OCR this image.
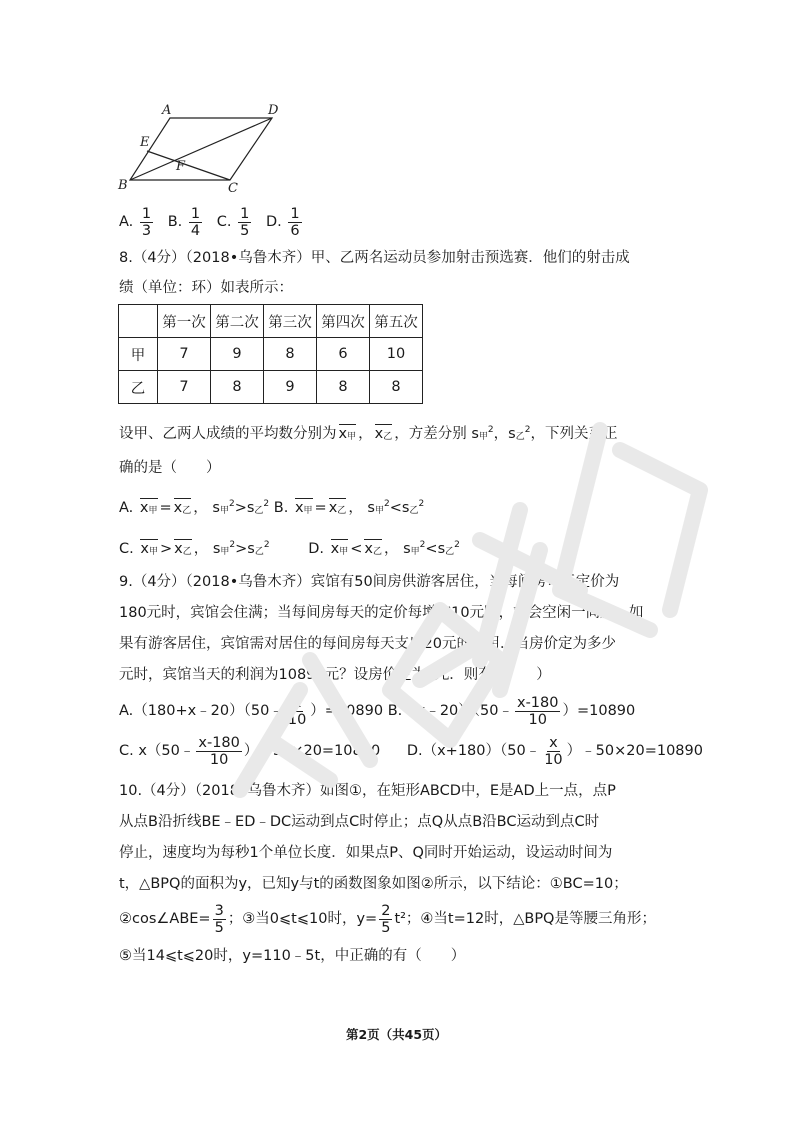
A	D
E
F
B	C
A. $\frac{1}{3} B$. $\frac{1}{4} C$. $\frac{1}{5} D$. $\frac{1}{6}$
8.（4分）（2018•乌鲁木齐）甲、乙两名运动员参加射击预选赛．他们的射击成
绩（单位：环）如表所示：
	第一次	第二次	第三次	第四次	第五次
甲	7	9	8	6	10
乙	7	8	9	8	8
设甲、乙两人成绩的平均数分别为 x甲 ， x乙 ，方差分别 s甲$^2$，s乙$^2$，下列关系正
确的是（　　）
A. x甲 = x乙 ， s甲$^2$>s乙$^2$ B. x甲 = x乙 ， s甲$^2$<s乙$^2$
C. x甲 > x乙 ， s甲$^2$>s乙$^2$	D. x甲 < x乙 ， s甲$^2$<s乙$^2$
9.（4分）（2018•乌鲁木齐）宾馆有50间房供游客居住，当每间房每天定价为
180元时，宾馆会住满；当每间房每天的定价每增加10元时，就会空闲一间房．如
果有游客居住，宾馆需对居住的每间房每天支出20元的费用．当房价定为多少
元时，宾馆当天的利润为10890元？设房价定为x元．则有（　　）
A.（180+x﹣20）（50﹣ $\frac{x}{10} )=10890$ B.（x﹣20）（50﹣ $\frac{x-180}{10} )=10890$
C. x（50﹣ $\frac{x-180}{10}$ ）﹣50×20=10890 D.（x+180）（50﹣ $\frac{x}{10}$ ）﹣50×20=10890
10.（4分）（2018•乌鲁木齐）如图①，在矩形ABCD中，E是AD上一点，点P
从点B沿折线BE﹣ED﹣DC运动到点C时停止；点Q从点B沿BC运动到点C时
停止，速度均为每秒1个单位长度．如果点P、Q同时开始运动，设运动时间为
t，△BPQ的面积为y，已知y与t的函数图象如图②所示，以下结论：①BC=10；
②cos∠ABE= $\frac{3}{5}$ ；③当0⩽t⩽10时，$y= \frac{2}{5} t^2$；④当t=12时，△BPQ是等腰三角形；
⑤当14⩽t⩽20时，y=110﹣5t，中正确的有（　　）
第2页（共45页）
